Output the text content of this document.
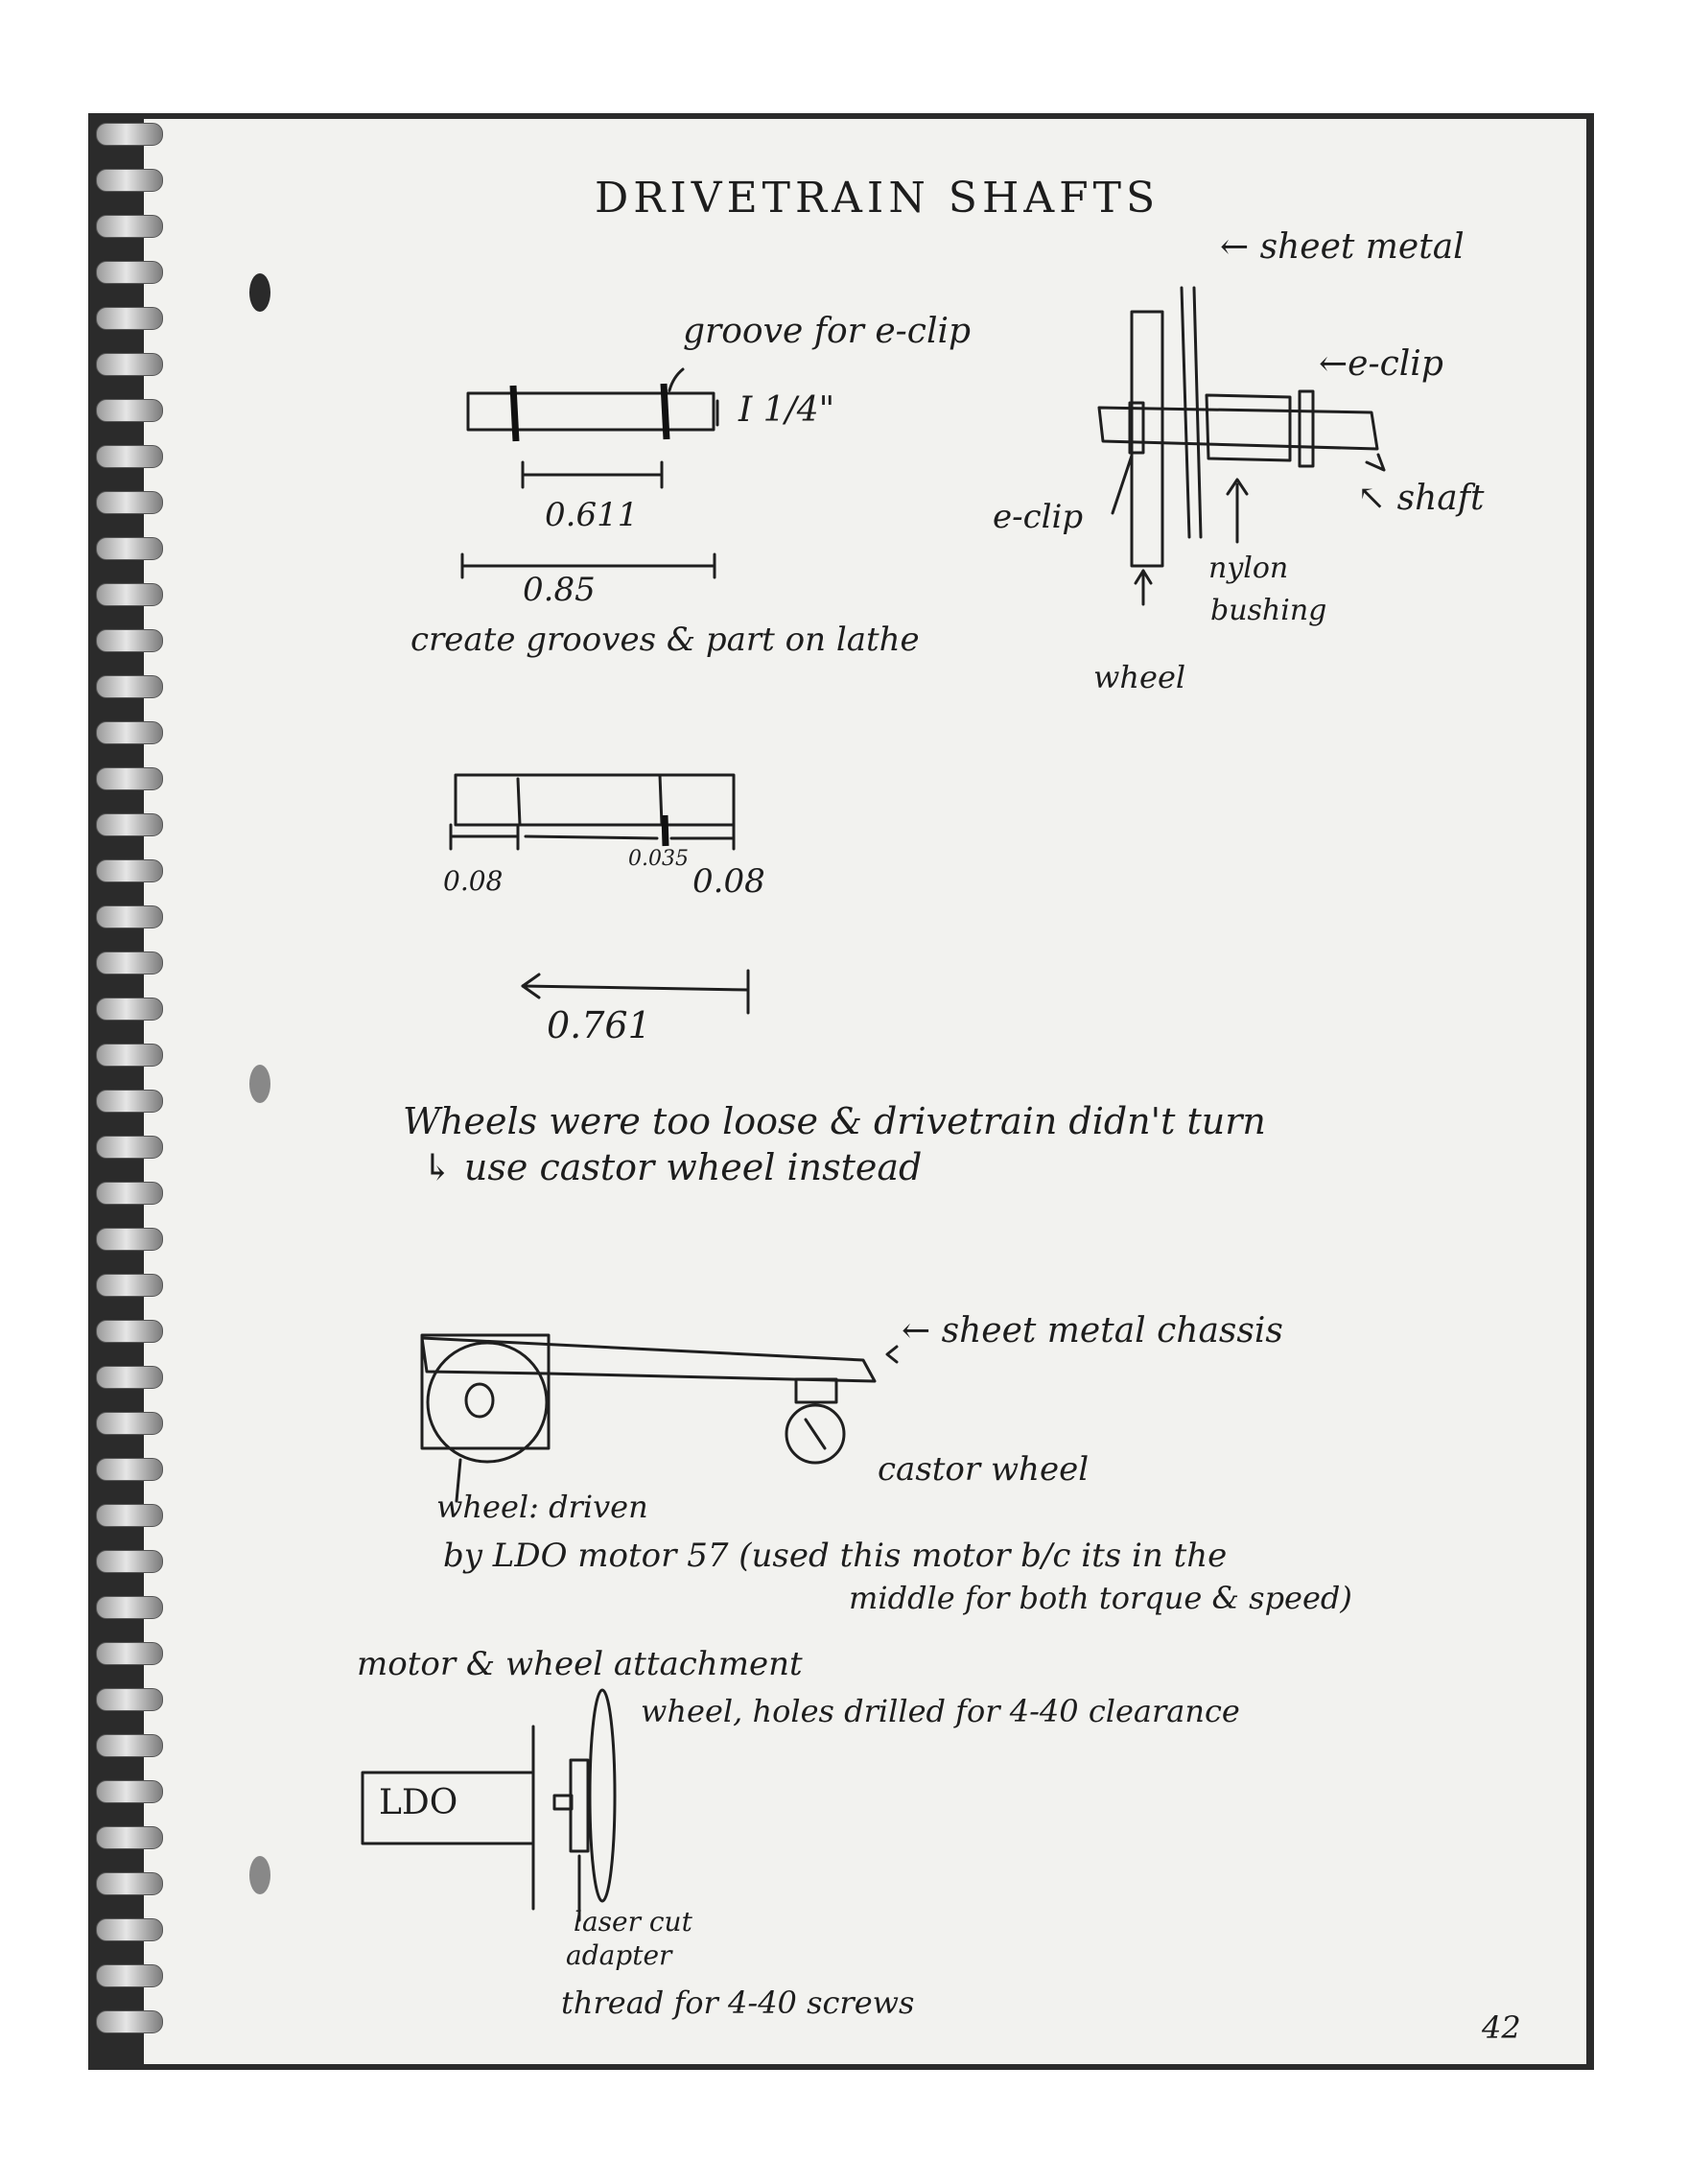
DRIVETRAIN SHAFTS
groove for e-clip
I 1/4"
0.611
0.85
create grooves & part on lathe
← sheet metal
←e-clip
↖ shaft
e-clip
nylon
bushing
wheel
0.08
0.035
0.08
0.761
Wheels were too loose & drivetrain didn't turn
↳ use castor wheel instead
← sheet metal chassis
castor wheel
wheel: driven
by LDO motor 57 (used this motor b/c its in the
middle for both torque & speed)
motor & wheel attachment
wheel, holes drilled for 4-40 clearance
LDO
laser cut
adapter
thread for 4-40 screws
42
